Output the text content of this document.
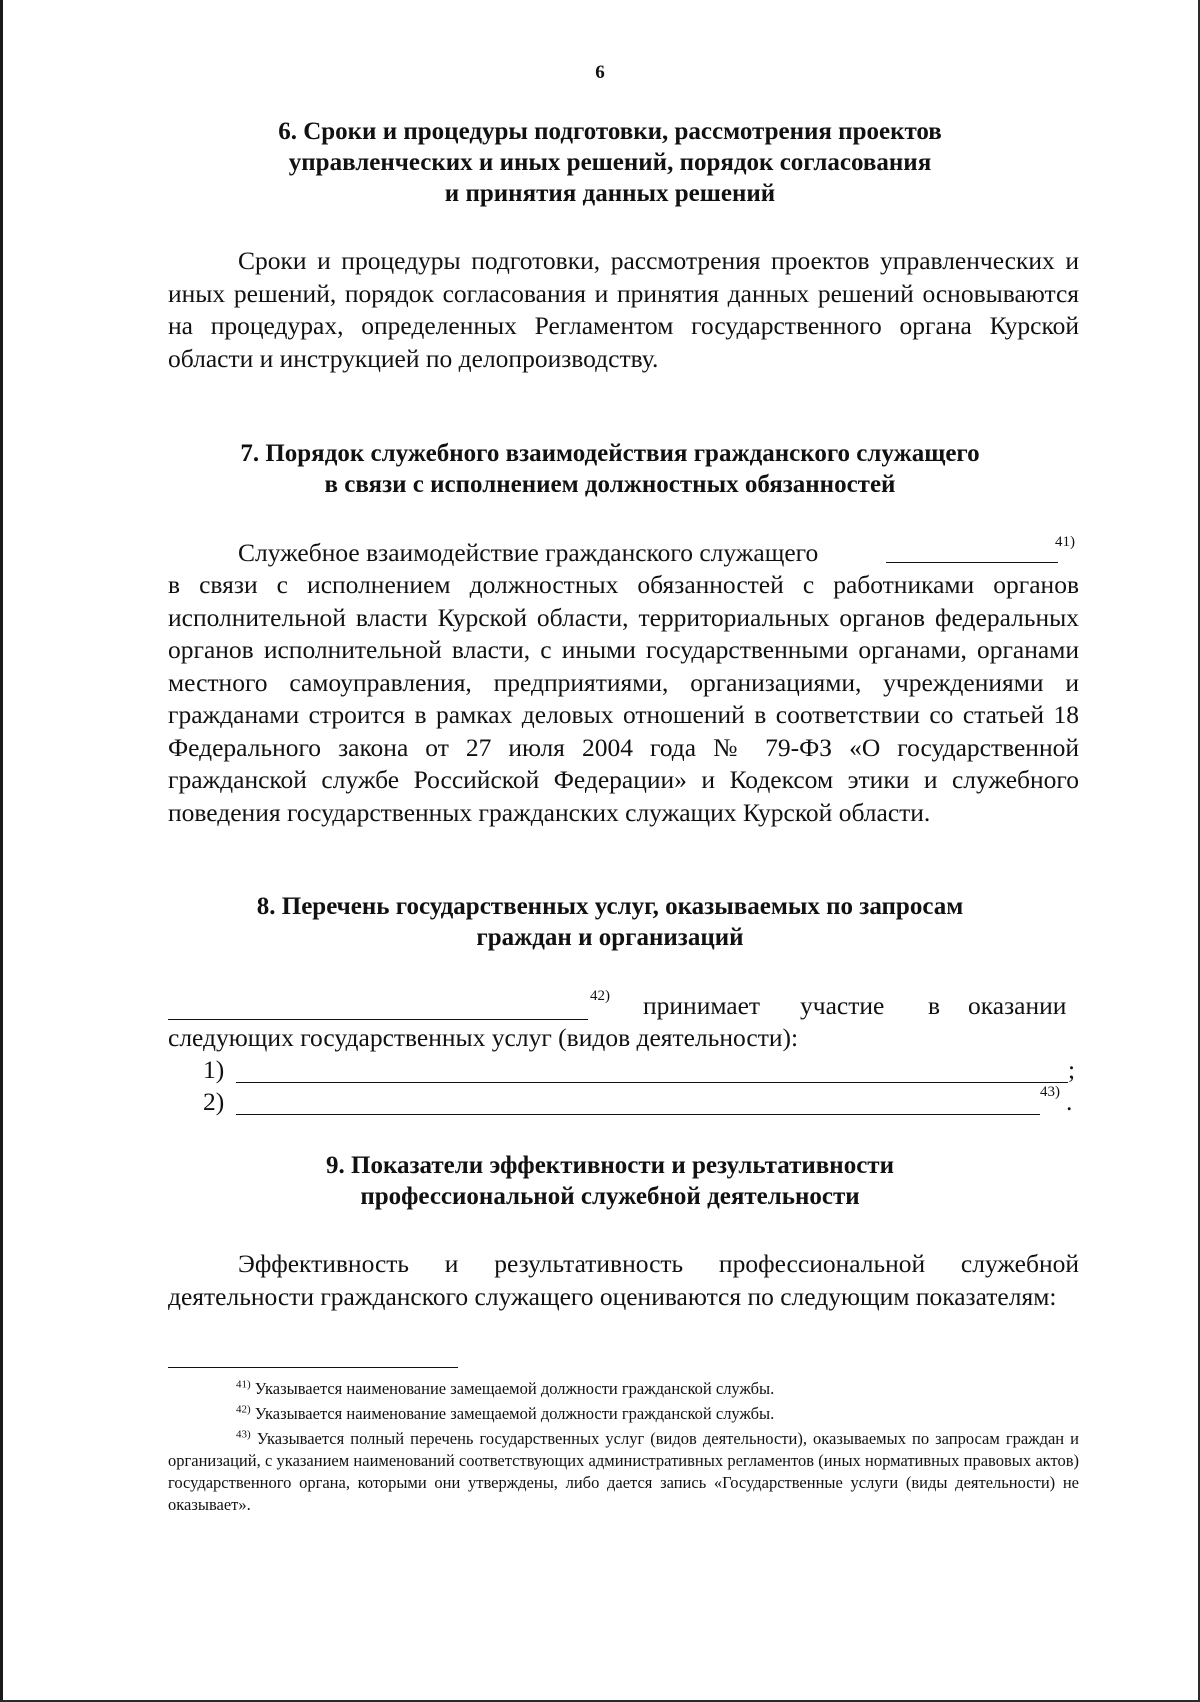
6
6. Сроки и процедуры подготовки, рассмотрения проектов
управленческих и иных решений, порядок согласования
и принятия данных решений
Сроки и процедуры подготовки, рассмотрения проектов управленческих и иных решений, порядок согласования и принятия данных решений основываются на процедурах, определенных Регламентом государственного органа Курской области и инструкцией по делопроизводству.
7. Порядок служебного взаимодействия гражданского служащего
в связи с исполнением должностных обязанностей
Служебное взаимодействие гражданского служащего	41)
в связи с исполнением должностных обязанностей с работниками органов исполнительной власти Курской области, территориальных органов федеральных органов исполнительной власти, с иными государственными органами, органами местного самоуправления, предприятиями, организациями, учреждениями и гражданами строится в рамках деловых отношений в соответствии со статьей 18 Федерального закона от 27 июля 2004 года № 79-ФЗ «О государственной гражданской службе Российской Федерации» и Кодексом этики и служебного поведения государственных гражданских служащих Курской области.
8. Перечень государственных услуг, оказываемых по запросам
граждан и организаций
42) принимает участие в оказании
следующих государственных услуг (видов деятельности):
1)	;
2)	43) .
9. Показатели эффективности и результативности
профессиональной служебной деятельности
Эффективность и результативность профессиональной служебной деятельности гражданского служащего оцениваются по следующим показателям:
$^{41)}$ Указывается наименование замещаемой должности гражданской службы.
$^{42)}$ Указывается наименование замещаемой должности гражданской службы.
$^{43)}$ Указывается полный перечень государственных услуг (видов деятельности), оказываемых по запросам граждан и организаций, с указанием наименований соответствующих административных регламентов (иных нормативных правовых актов) государственного органа, которыми они утверждены, либо дается запись «Государственные услуги (виды деятельности) не оказывает».
